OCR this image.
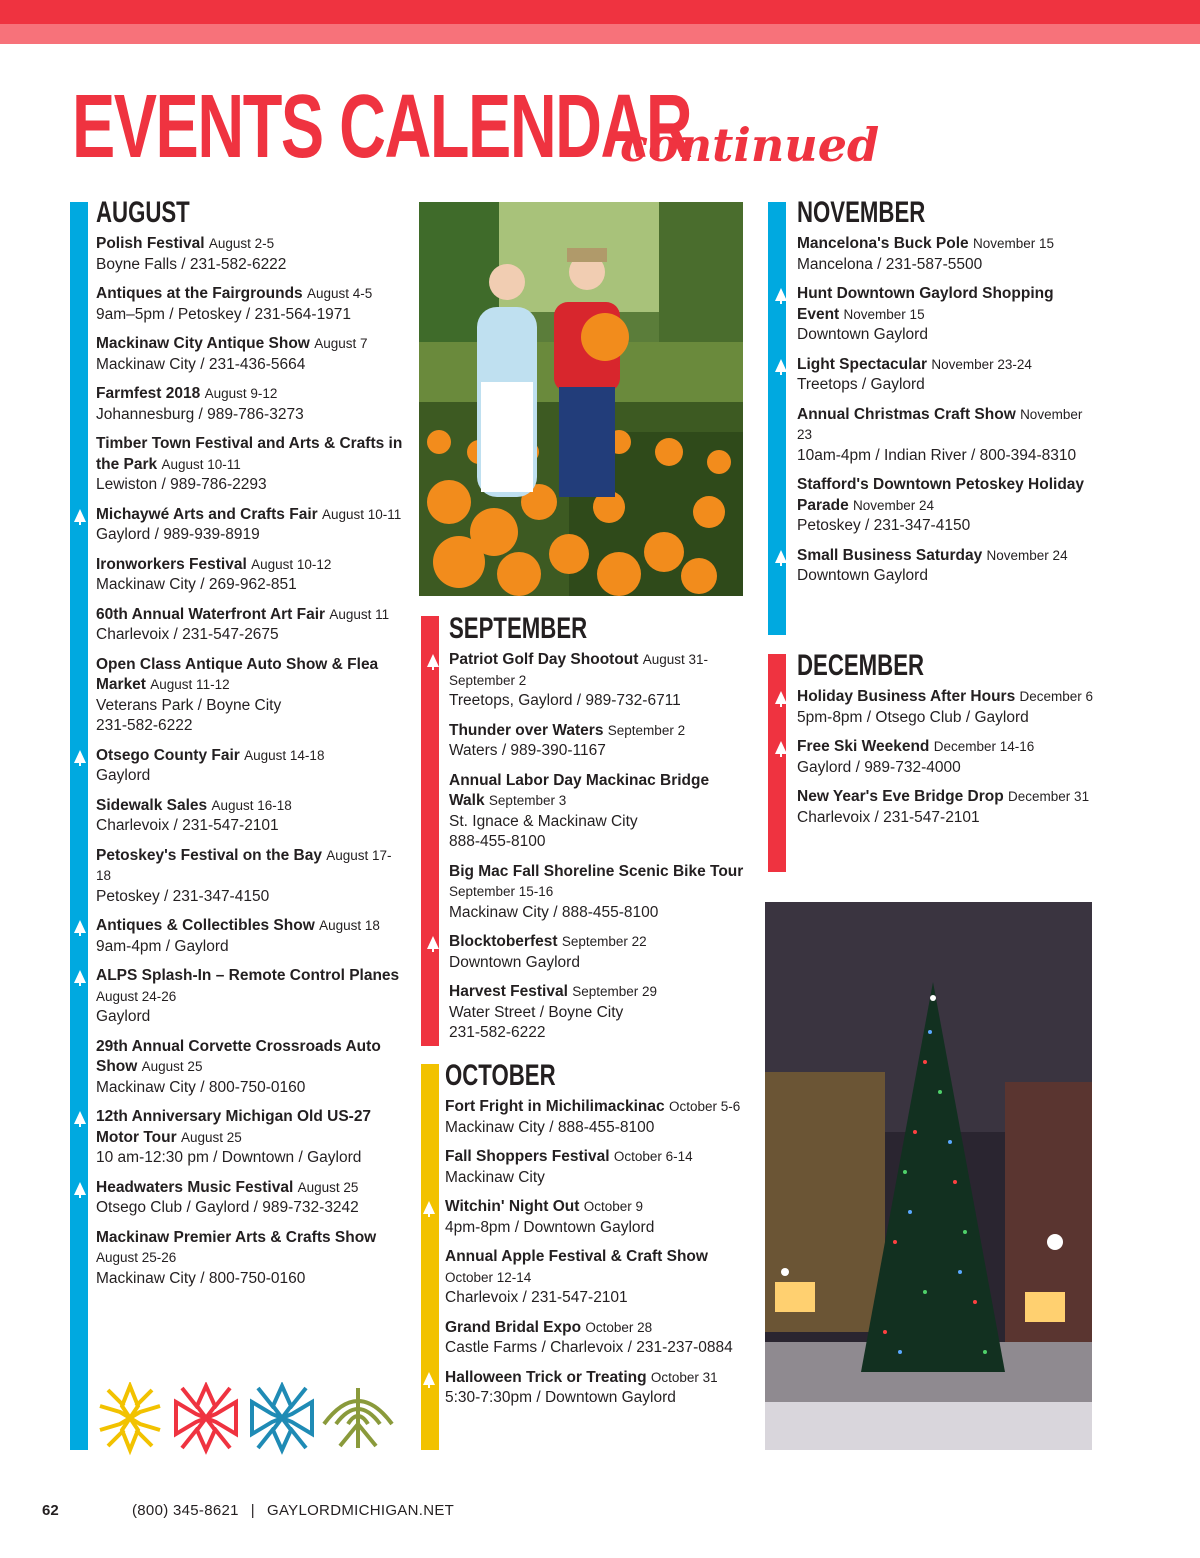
EVENTS CALENDAR
continued
AUGUST
Polish Festival August 2-5
Boyne Falls / 231-582-6222
Antiques at the Fairgrounds August 4-5
9am–5pm / Petoskey / 231-564-1971
Mackinaw City Antique Show August 7
Mackinaw City / 231-436-5664
Farmfest 2018 August 9-12
Johannesburg / 989-786-3273
Timber Town Festival and Arts & Crafts in the Park August 10-11
Lewiston / 989-786-2293
Michaywé Arts and Crafts Fair August 10-11
Gaylord / 989-939-8919
Ironworkers Festival August 10-12
Mackinaw City / 269-962-851
60th Annual Waterfront Art Fair August 11
Charlevoix / 231-547-2675
Open Class Antique Auto Show & Flea Market August 11-12
Veterans Park / Boyne City
231-582-6222
Otsego County Fair August 14-18
Gaylord
Sidewalk Sales August 16-18
Charlevoix / 231-547-2101
Petoskey's Festival on the Bay August 17-18
Petoskey / 231-347-4150
Antiques & Collectibles Show August 18
9am-4pm / Gaylord
ALPS Splash-In – Remote Control Planes August 24-26
Gaylord
29th Annual Corvette Crossroads Auto Show August 25
Mackinaw City / 800-750-0160
12th Anniversary Michigan Old US-27 Motor Tour August 25
10 am-12:30 pm / Downtown / Gaylord
Headwaters Music Festival August 25
Otsego Club / Gaylord / 989-732-3242
Mackinaw Premier Arts & Crafts Show August 25-26
Mackinaw City / 800-750-0160
SEPTEMBER
Patriot Golf Day Shootout August 31-September 2
Treetops, Gaylord / 989-732-6711
Thunder over Waters September 2
Waters / 989-390-1167
Annual Labor Day Mackinac Bridge Walk September 3
St. Ignace & Mackinaw City
888-455-8100
Big Mac Fall Shoreline Scenic Bike Tour September 15-16
Mackinaw City / 888-455-8100
Blocktoberfest September 22
Downtown Gaylord
Harvest Festival September 29
Water Street / Boyne City
231-582-6222
OCTOBER
Fort Fright in Michilimackinac October 5-6
Mackinaw City / 888-455-8100
Fall Shoppers Festival October 6-14
Mackinaw City
Witchin' Night Out October 9
4pm-8pm / Downtown Gaylord
Annual Apple Festival & Craft Show October 12-14
Charlevoix / 231-547-2101
Grand Bridal Expo October 28
Castle Farms / Charlevoix / 231-237-0884
Halloween Trick or Treating October 31
5:30-7:30pm / Downtown Gaylord
NOVEMBER
Mancelona's Buck Pole November 15
Mancelona / 231-587-5500
Hunt Downtown Gaylord Shopping Event November 15
Downtown Gaylord
Light Spectacular November 23-24
Treetops / Gaylord
Annual Christmas Craft Show November 23
10am-4pm / Indian River / 800-394-8310
Stafford's Downtown Petoskey Holiday Parade November 24
Petoskey / 231-347-4150
Small Business Saturday November 24
Downtown Gaylord
DECEMBER
Holiday Business After Hours December 6
5pm-8pm / Otsego Club / Gaylord
Free Ski Weekend December 14-16
Gaylord / 989-732-4000
New Year's Eve Bridge Drop December 31
Charlevoix / 231-547-2101
62	(800) 345-8621 | GAYLORDMICHIGAN.NET
